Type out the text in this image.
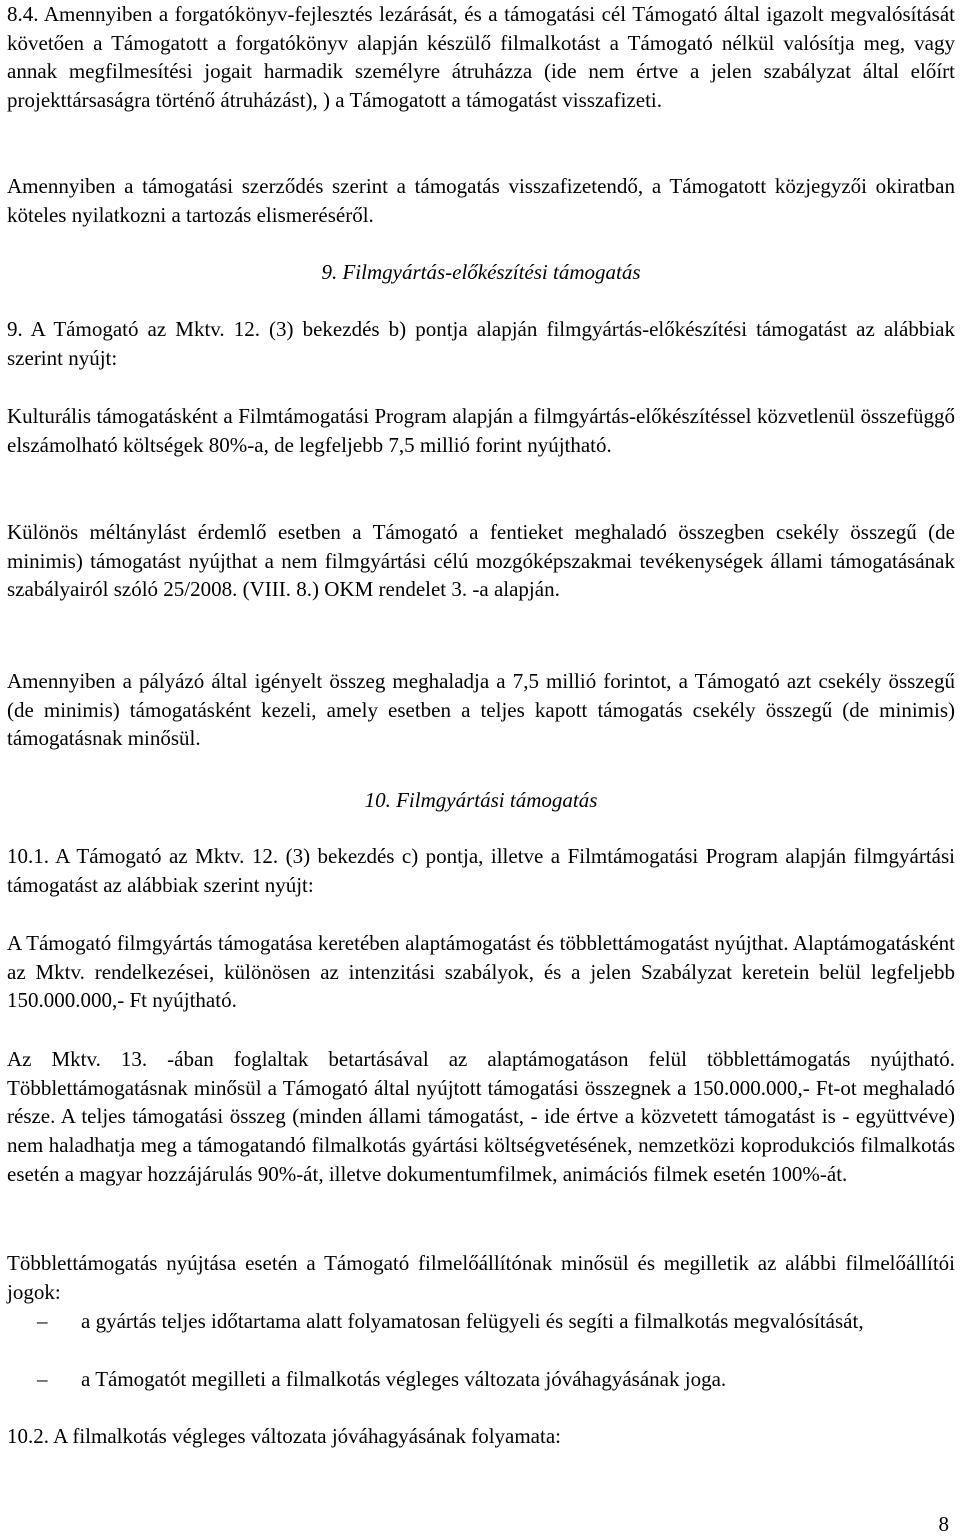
8.4. Amennyiben a forgatókönyv-fejlesztés lezárását, és a támogatási cél Támogató által igazolt megvalósítását követően a Támogatott a forgatókönyv alapján készülő filmalkotást a Támogató nélkül valósítja meg, vagy annak megfilmesítési jogait harmadik személyre átruházza (ide nem értve a jelen szabályzat által előírt projekttársaságra történő átruházást), ) a Támogatott a támogatást visszafizeti.

Amennyiben a támogatási szerződés szerint a támogatás visszafizetendő, a Támogatott közjegyzői okiratban köteles nyilatkozni a tartozás elismeréséről.

9. Filmgyártás-előkészítési támogatás

9. A Támogató az Mktv. 12. (3) bekezdés b) pontja alapján filmgyártás-előkészítési támogatást az alábbiak szerint nyújt:

Kulturális támogatásként a Filmtámogatási Program alapján a filmgyártás-előkészítéssel közvetlenül összefüggő elszámolható költségek 80%-a, de legfeljebb 7,5 millió forint nyújtható.

Különös méltánylást érdemlő esetben a Támogató a fentieket meghaladó összegben csekély összegű (de minimis) támogatást nyújthat a nem filmgyártási célú mozgóképszakmai tevékenységek állami támogatásának szabályairól szóló 25/2008. (VIII. 8.) OKM rendelet 3. -a alapján.

Amennyiben a pályázó által igényelt összeg meghaladja a 7,5 millió forintot, a Támogató azt csekély összegű (de minimis) támogatásként kezeli, amely esetben a teljes kapott támogatás csekély összegű (de minimis) támogatásnak minősül.

10. Filmgyártási támogatás

10.1. A Támogató az Mktv. 12. (3) bekezdés c) pontja, illetve a Filmtámogatási Program alapján filmgyártási támogatást az alábbiak szerint nyújt:

A Támogató filmgyártás támogatása keretében alaptámogatást és többlettámogatást nyújthat. Alaptámogatásként az Mktv. rendelkezései, különösen az intenzitási szabályok, és a jelen Szabályzat keretein belül legfeljebb 150.000.000,- Ft nyújtható.

Az Mktv. 13. -ában foglaltak betartásával az alaptámogatáson felül többlettámogatás nyújtható. Többlettámogatásnak minősül a Támogató által nyújtott támogatási összegnek a 150.000.000,- Ft-ot meghaladó része. A teljes támogatási összeg (minden állami támogatást, - ide értve a közvetett támogatást is - együttvéve) nem haladhatja meg a támogatandó filmalkotás gyártási költségvetésének, nemzetközi koprodukciós filmalkotás esetén a magyar hozzájárulás 90%-át, illetve dokumentumfilmek, animációs filmek esetén 100%-át.

Többlettámogatás nyújtása esetén a Támogató filmelőállítónak minősül és megilletik az alábbi filmelőállítói jogok:

– a gyártás teljes időtartama alatt folyamatosan felügyeli és segíti a filmalkotás megvalósítását,
– a Támogatót megilleti a filmalkotás végleges változata jóváhagyásának joga.

10.2. A filmalkotás végleges változata jóváhagyásának folyamata:

8
